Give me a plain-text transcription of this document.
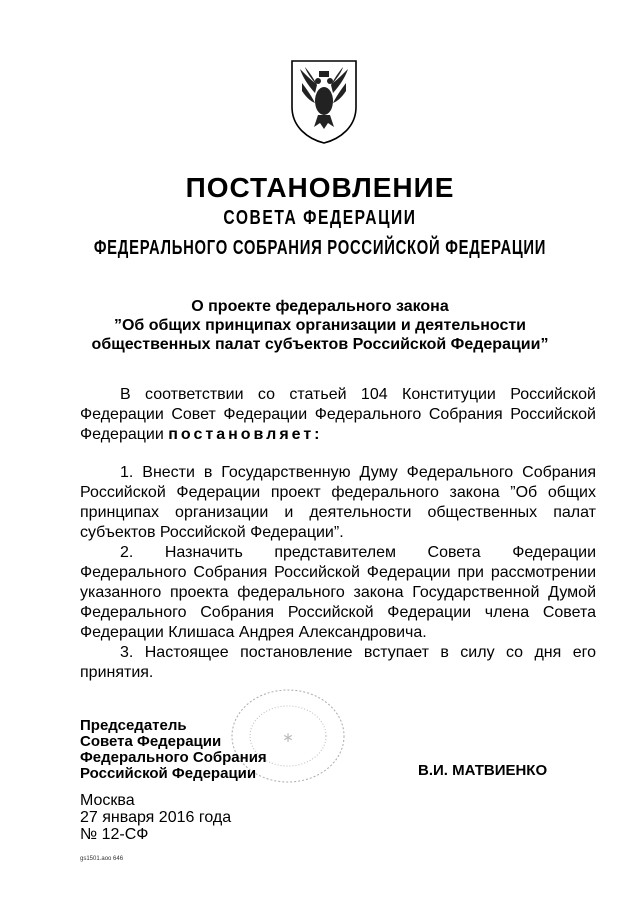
ПОСТАНОВЛЕНИЕ
СОВЕТА ФЕДЕРАЦИИ
ФЕДЕРАЛЬНОГО СОБРАНИЯ РОССИЙСКОЙ ФЕДЕРАЦИИ
О проекте федерального закона
”Об общих принципах организации и деятельности
общественных палат субъектов Российской Федерации”

В соответствии со статьей 104 Конституции Российской Федерации Совет Федерации Федерального Собрания Российской Федерации постановляет:

1. Внести в Государственную Думу Федерального Собрания Российской Федерации проект федерального закона ”Об общих принципах организации и деятельности общественных палат субъектов Российской Федерации”.

2. Назначить представителем Совета Федерации Федерального Собрания Российской Федерации при рассмотрении указанного проекта федерального закона Государственной Думой Федерального Собрания Российской Федерации члена Совета Федерации Клишаса Андрея Александровича.

3. Настоящее постановление вступает в силу со дня его принятия.

∗
Председатель
Совета Федерации
Федерального Собрания
Российской Федерации	В.И. МАТВИЕНКО
Москва
27 января 2016 года
№ 12-СФ
gs1501.aoo 646
